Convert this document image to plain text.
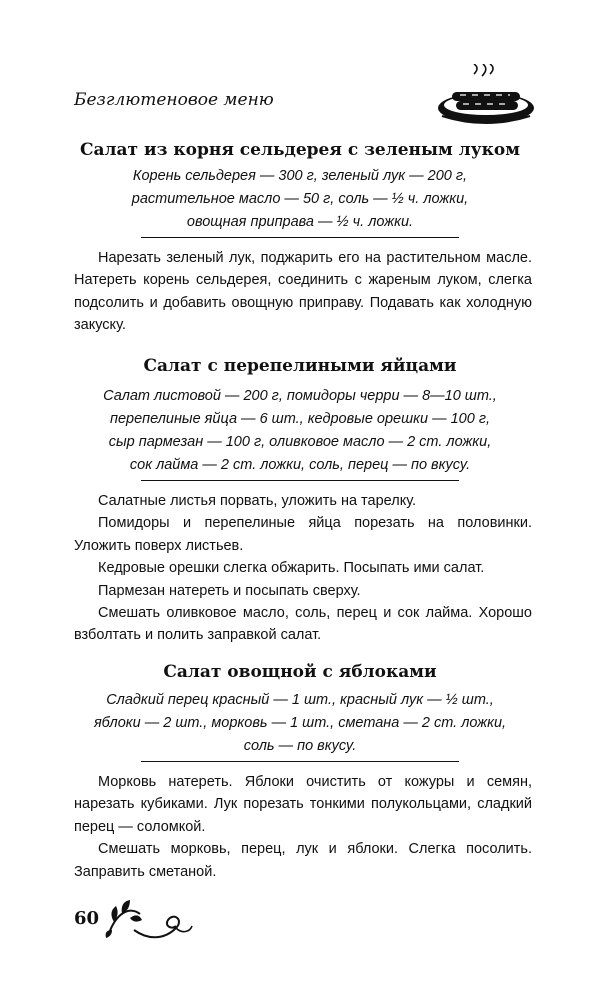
Безглютеновое меню
Салат из корня сельдерея с зеленым луком
Корень сельдерея — 300 г, зеленый лук — 200 г,
растительное масло — 50 г, соль — ½ ч. ложки,
овощная приправа — ½ ч. ложки.

Нарезать зеленый лук, поджарить его на растительном масле. Натереть корень сельдерея, соединить с жареным луком, слегка подсолить и добавить овощную приправу. Подавать как холодную закуску.

Салат с перепелиными яйцами
Салат листовой — 200 г, помидоры черри — 8—10 шт.,
перепелиные яйца — 6 шт., кедровые орешки — 100 г,
сыр пармезан — 100 г, оливковое масло — 2 ст. ложки,
сок лайма — 2 ст. ложки, соль, перец — по вкусу.

Салатные листья порвать, уложить на тарелку.

Помидоры и перепелиные яйца порезать на половинки. Уложить поверх листьев.

Кедровые орешки слегка обжарить. Посыпать ими салат.

Пармезан натереть и посыпать сверху.

Смешать оливковое масло, соль, перец и сок лайма. Хорошо взболтать и полить заправкой салат.

Салат овощной с яблоками
Сладкий перец красный — 1 шт., красный лук — ½ шт.,
яблоки — 2 шт., морковь — 1 шт., сметана — 2 ст. ложки,
соль — по вкусу.

Морковь натереть. Яблоки очистить от кожуры и семян, нарезать кубиками. Лук порезать тонкими полукольцами, сладкий перец — соломкой.

Смешать морковь, перец, лук и яблоки. Слегка посолить. Заправить сметаной.

60
